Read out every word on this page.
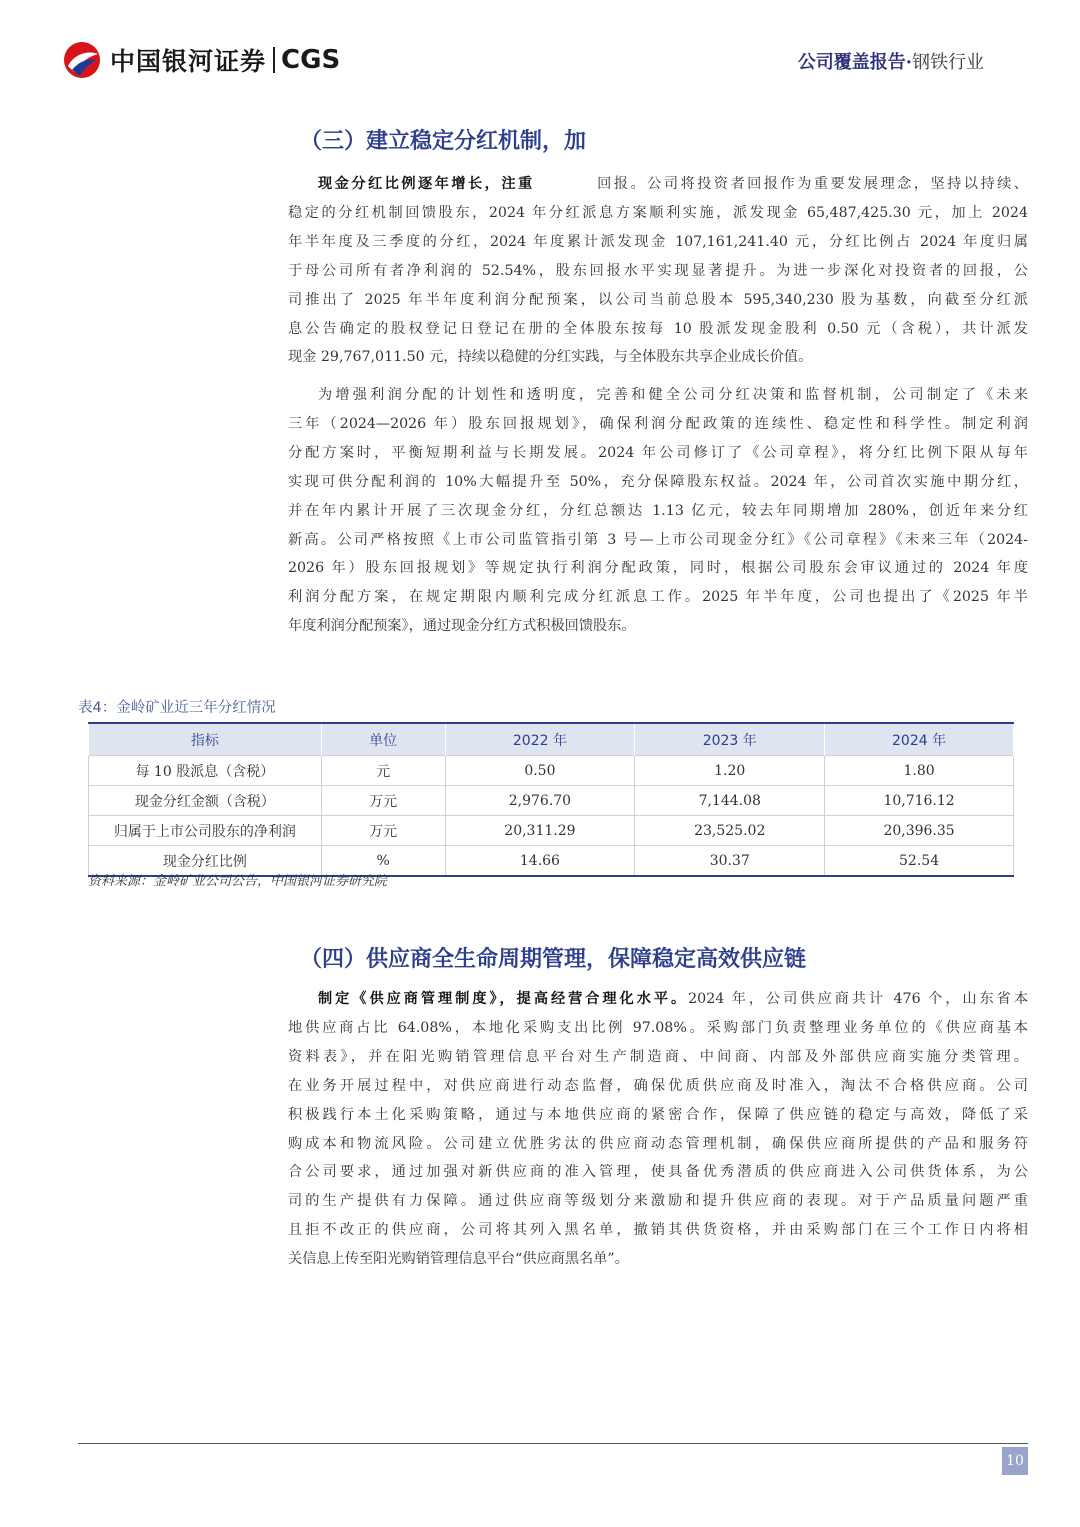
中国银河证券 CGS	公司覆盖报告·钢铁行业
（三）建立稳定分红机制，加
现金分红比例逐年增长，注重	回报。公司将投资者回报作为重要发展理念，坚持以持续、
稳定的分红机制回馈股东，2024 年分红派息方案顺利实施，派发现金 65,487,425.30 元，加上 2024
年半年度及三季度的分红，2024 年度累计派发现金 107,161,241.40 元，分红比例占 2024 年度归属
于母公司所有者净利润的 52.54%，股东回报水平实现显著提升。为进一步深化对投资者的回报，公
司推出了 2025 年半年度利润分配预案，以公司当前总股本 595,340,230 股为基数，向截至分红派
息公告确定的股权登记日登记在册的全体股东按每 10 股派发现金股利 0.50 元（含税），共计派发
现金 29,767,011.50 元，持续以稳健的分红实践，与全体股东共享企业成长价值。
为增强利润分配的计划性和透明度，完善和健全公司分红决策和监督机制，公司制定了《未来
三年（2024—2026 年）股东回报规划》，确保利润分配政策的连续性、稳定性和科学性。制定利润
分配方案时，平衡短期利益与长期发展。2024 年公司修订了《公司章程》，将分红比例下限从每年
实现可供分配利润的 10%大幅提升至 50%，充分保障股东权益。2024 年，公司首次实施中期分红，
并在年内累计开展了三次现金分红，分红总额达 1.13 亿元，较去年同期增加 280%，创近年来分红
新高。公司严格按照《上市公司监管指引第 3 号—上市公司现金分红》《公司章程》《未来三年（2024-
2026 年）股东回报规划》等规定执行利润分配政策，同时，根据公司股东会审议通过的 2024 年度
利润分配方案，在规定期限内顺利完成分红派息工作。2025 年半年度，公司也提出了《2025 年半
年度利润分配预案》，通过现金分红方式积极回馈股东。
表4：金岭矿业近三年分红情况
指标	单位	2022 年	2023 年	2024 年
每 10 股派息（含税）	元	0.50	1.20	1.80
现金分红金额（含税）	万元	2,976.70	7,144.08	10,716.12
归属于上市公司股东的净利润	万元	20,311.29	23,525.02	20,396.35
现金分红比例	%	14.66	30.37	52.54
资料来源：金岭矿业公司公告，中国银河证券研究院
（四）供应商全生命周期管理，保障稳定高效供应链
制定《供应商管理制度》，提高经营合理化水平。2024 年，公司供应商共计 476 个，山东省本
地供应商占比 64.08%，本地化采购支出比例 97.08%。采购部门负责整理业务单位的《供应商基本
资料表》，并在阳光购销管理信息平台对生产制造商、中间商、内部及外部供应商实施分类管理。
在业务开展过程中，对供应商进行动态监督，确保优质供应商及时准入，淘汰不合格供应商。公司
积极践行本土化采购策略，通过与本地供应商的紧密合作，保障了供应链的稳定与高效，降低了采
购成本和物流风险。公司建立优胜劣汰的供应商动态管理机制，确保供应商所提供的产品和服务符
合公司要求，通过加强对新供应商的准入管理，使具备优秀潜质的供应商进入公司供货体系，为公
司的生产提供有力保障。通过供应商等级划分来激励和提升供应商的表现。对于产品质量问题严重
且拒不改正的供应商，公司将其列入黑名单，撤销其供货资格，并由采购部门在三个工作日内将相
关信息上传至阳光购销管理信息平台“供应商黑名单”。
10
